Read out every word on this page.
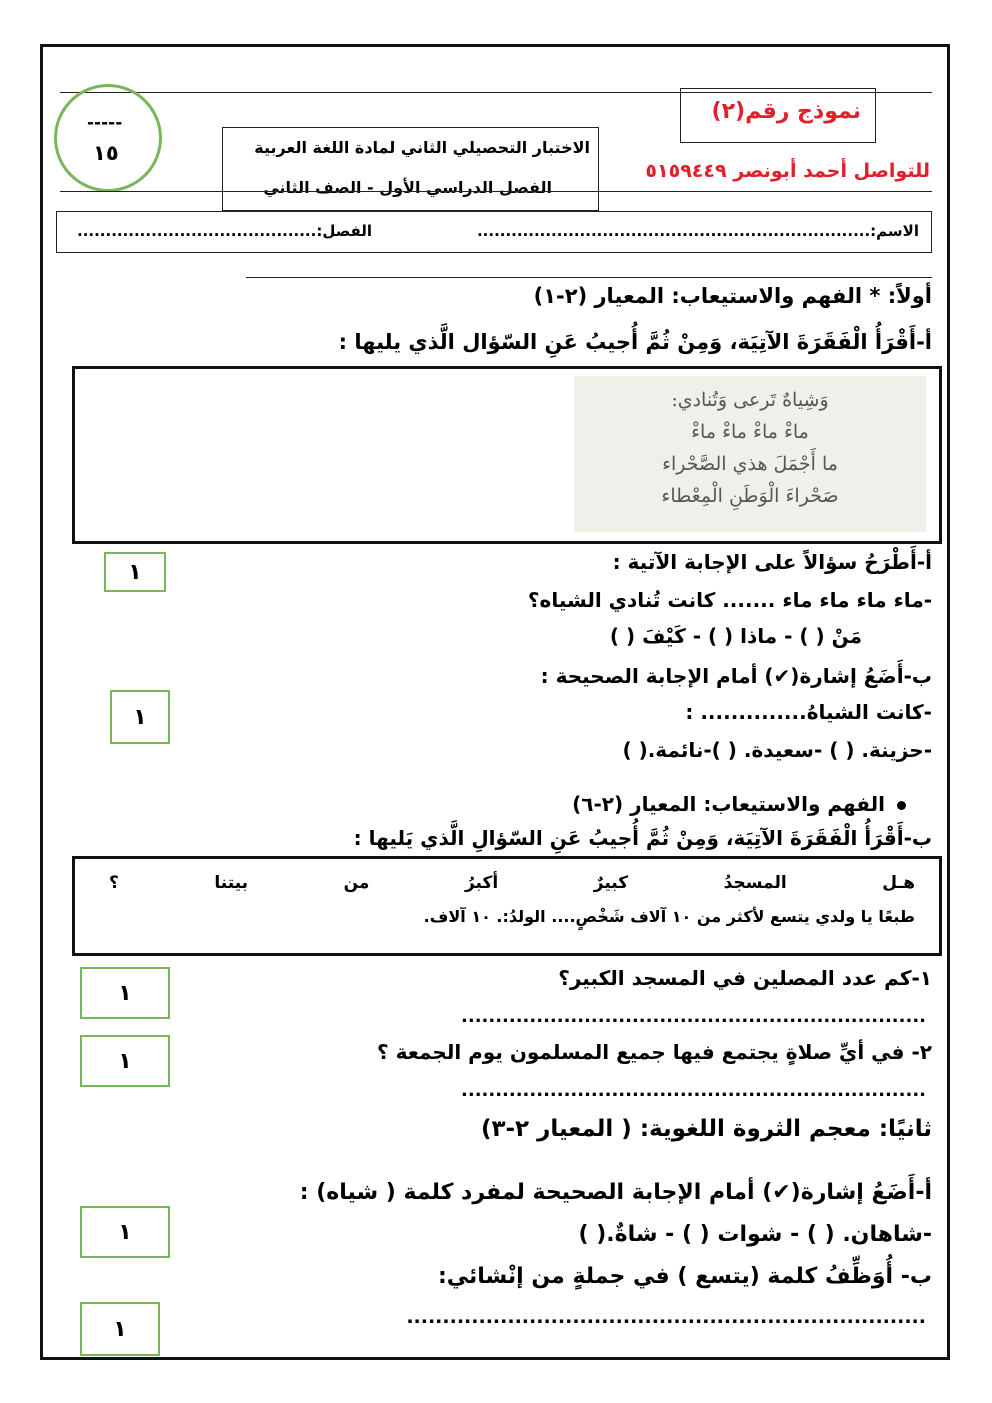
نموذج رقم(٢)
للتواصل أحمد أبونصر ٥١٥٩٤٤٩
الاختبار التحصيلي الثاني لمادة اللغة العربية
الفصل الدراسي الأول - الصف الثاني
-----
١٥
الاسم:.....................................................................
الفصل:..........................................
أولاً: * الفهم والاستيعاب: المعيار (٢-١)
أ-أَقْرَأُ الْفَقَرَةَ الآتِيَة، وَمِنْ ثُمَّ أُجيبُ عَنِ السّؤال الَّذي يليها :
وَشِياهٌ تَرعى وَتُنادي:
ماءْ ماءْ ماءْ ماءْ
ما أَجْمَلَ هذي الصَّحْراء
صَحْراءَ الْوَطَنِ الْمِعْطاء
أ-أَطْرَحُ سؤالاً على الإجابة الآتية :
١
-ماء ماء ماء ماء ....... كانت تُنادي الشياه؟
مَنْ ( ) - ماذا ( ) - كَيْفَ ( )
ب-أَضَعُ إشارة(✔) أمام الإجابة الصحيحة :
١	-كانت الشياهُ.............. :
-حزينة. ( ) -سعيدة. ( )-نائمة.( )
الفهم والاستيعاب: المعيار (٢-٦)
ب-أَقْرَأُ الْفَقَرَةَ الآتِيَة، وَمِنْ ثُمَّ أُجيبُ عَنِ السّؤالِ الَّذي يَليها :
هـل المسجدُ كبيرٌ أكبرُ من بيتنا ؟
طبعًا يا ولدي يتسع لأكثر من ١٠ آلاف شَخْصٍ.... الولدُ:. ١٠ آلاف.
١
١-كم عدد المصلين في المسجد الكبير؟
....................................................................
١	٢- في أيِّ صلاةٍ يجتمع فيها جميع المسلمون يوم الجمعة ؟
....................................................................
ثانيًا: معجم الثروة اللغوية: ( المعيار ٢-٣)
أ-أَضَعُ إشارة(✔) أمام الإجابة الصحيحة لمفرد كلمة ( شياه) :
١	-شاهان. ( ) - شوات ( ) - شاةٌ.( )
ب- أُوَظِّفُ كلمة (يتسع ) في جملةٍ من إنْشائي:
١	........................................................................
